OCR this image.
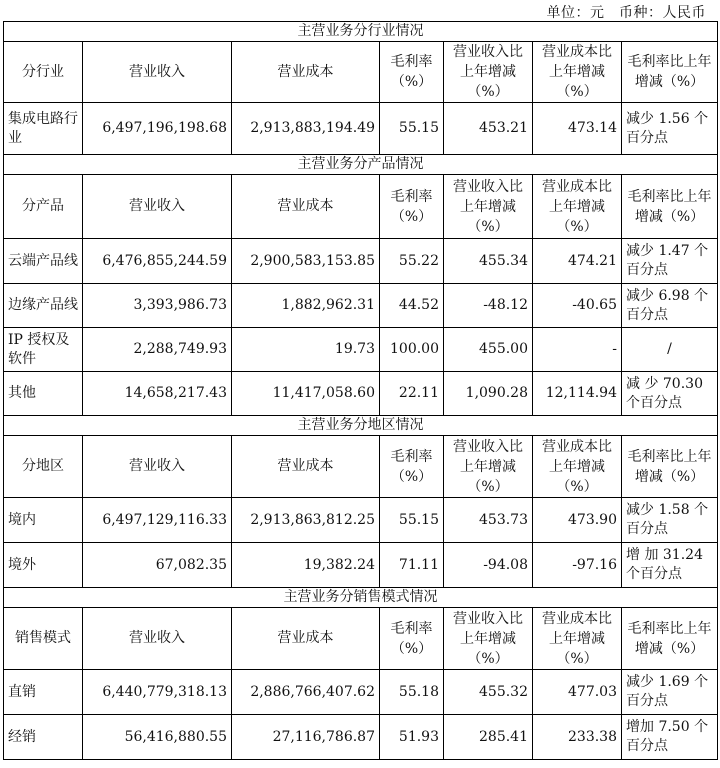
单位：元　币种：人民币
主营业务分行业情况						
分行业	营业收入	营业成本	毛利率（%）	营业收入比上年增减（%）	营业成本比上年增减（%）	毛利率比上年增减（%）
集成电路行业	6,497,196,198.68	2,913,883,194.49	55.15	453.21	473.14	减少 1.56 个百分点
主营业务分产品情况						
分产品	营业收入	营业成本	毛利率（%）	营业收入比上年增减（%）	营业成本比上年增减（%）	毛利率比上年增减（%）
云端产品线	6,476,855,244.59	2,900,583,153.85	55.22	455.34	474.21	减少 1.47 个百分点
边缘产品线	3,393,986.73	1,882,962.31	44.52	-48.12	-40.65	减少 6.98 个百分点
IP 授权及软件	2,288,749.93	19.73	100.00	455.00	-	/
其他	14,658,217.43	11,417,058.60	22.11	1,090.28	12,114.94	减 少 70.30 个百分点
主营业务分地区情况						
分地区	营业收入	营业成本	毛利率（%）	营业收入比上年增减（%）	营业成本比上年增减（%）	毛利率比上年增减（%）
境内	6,497,129,116.33	2,913,863,812.25	55.15	453.73	473.90	减少 1.58 个百分点
境外	67,082.35	19,382.24	71.11	-94.08	-97.16	增 加 31.24 个百分点
主营业务分销售模式情况						
销售模式	营业收入	营业成本	毛利率（%）	营业收入比上年增减（%）	营业成本比上年增减（%）	毛利率比上年增减（%）
直销	6,440,779,318.13	2,886,766,407.62	55.18	455.32	477.03	减少 1.69 个百分点
经销	56,416,880.55	27,116,786.87	51.93	285.41	233.38	增加 7.50 个百分点
